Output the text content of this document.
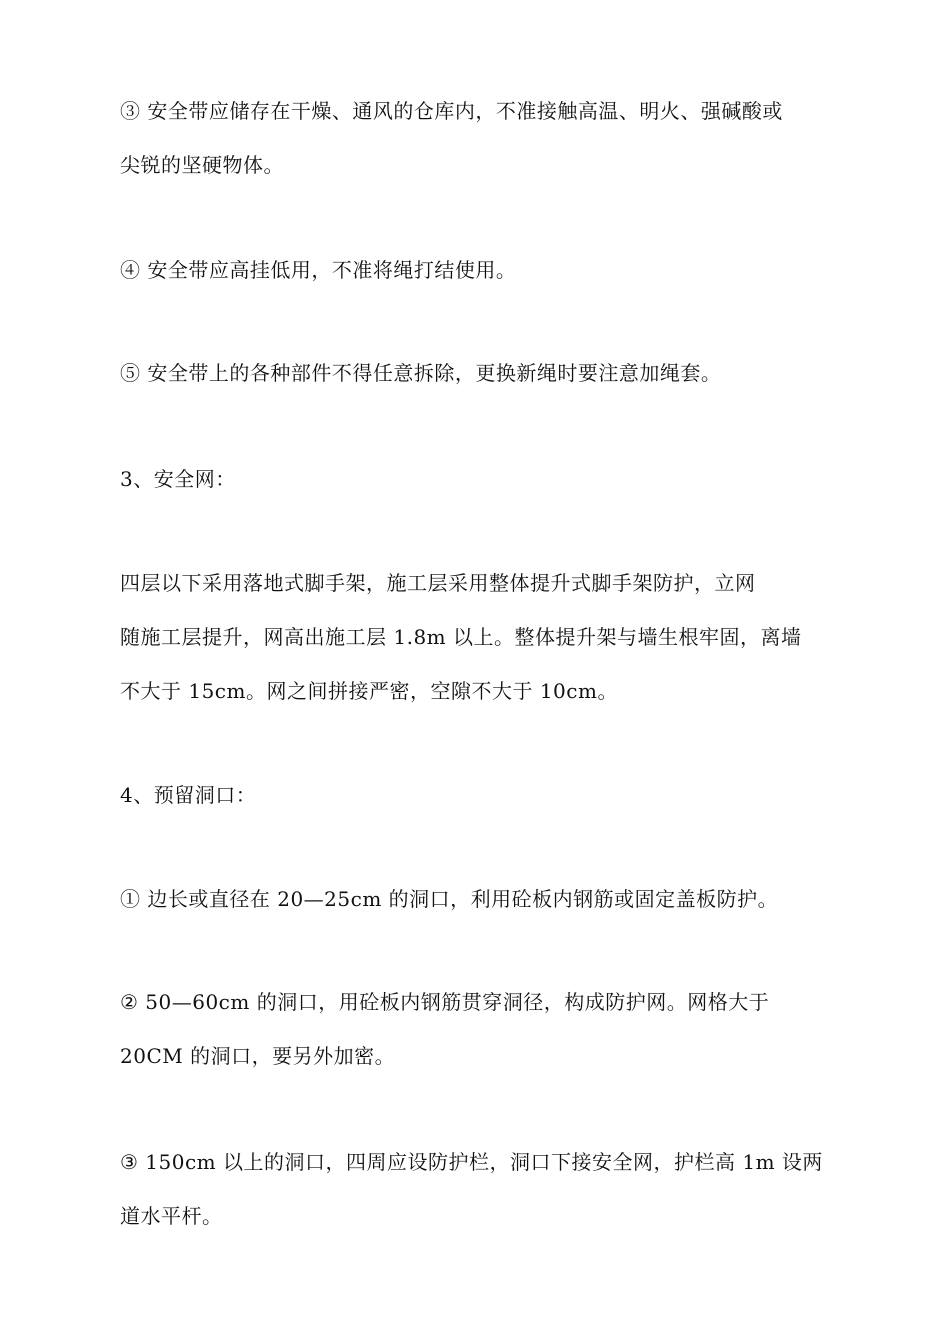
③ 安全带应储存在干燥、通风的仓库内，不准接触高温、明火、强碱酸或
尖锐的坚硬物体。

④ 安全带应高挂低用，不准将绳打结使用。

⑤ 安全带上的各种部件不得任意拆除，更换新绳时要注意加绳套。

3、安全网：

四层以下采用落地式脚手架，施工层采用整体提升式脚手架防护，立网
随施工层提升，网高出施工层 1.8m 以上。整体提升架与墙生根牢固，离墙
不大于 15cm。网之间拼接严密，空隙不大于 10cm。

4、预留洞口：

① 边长或直径在 20—25cm 的洞口，利用砼板内钢筋或固定盖板防护。

② 50—60cm 的洞口，用砼板内钢筋贯穿洞径，构成防护网。网格大于
20CM 的洞口，要另外加密。

③ 150cm 以上的洞口，四周应设防护栏，洞口下接安全网，护栏高 1m 设两
道水平杆。
